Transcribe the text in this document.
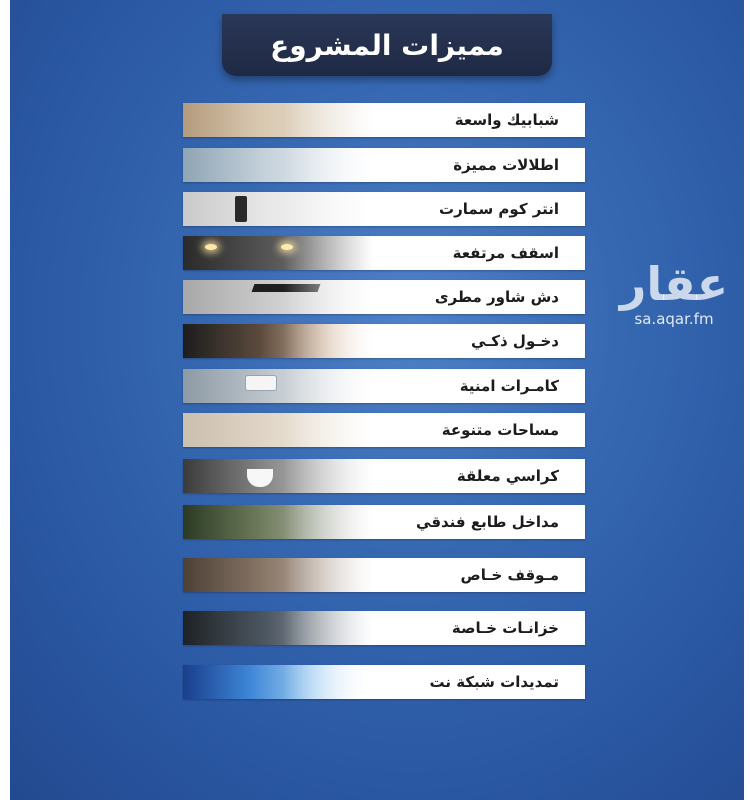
مميزات المشروع
شبابيك واسعة
اطلالات مميزة
انتر كوم سمارت
اسقف مرتفعة
دش شاور مطرى
دخـول ذكـي
كامـرات امنية
مساحات متنوعة
كراسي معلقة
مداخل طابع فندقي
مـوقف خـاص
خزانـات خـاصة
تمديدات شبكة نت
عقار
sa.aqar.fm
